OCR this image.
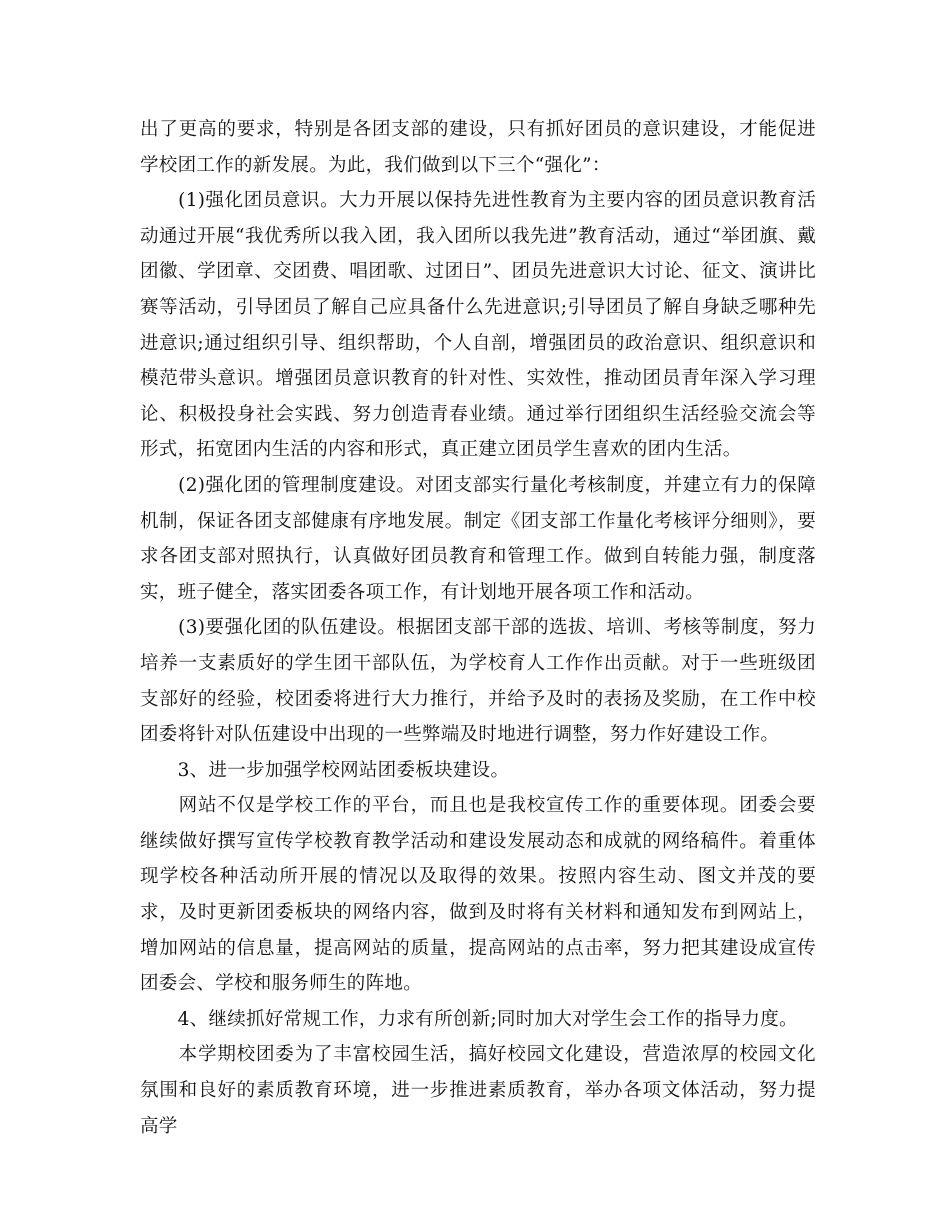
出了更高的要求，特别是各团支部的建设，只有抓好团员的意识建设，才能促进学校团工作的新发展。为此，我们做到以下三个“强化”：

　　(1)强化团员意识。大力开展以保持先进性教育为主要内容的团员意识教育活动通过开展“我优秀所以我入团，我入团所以我先进”教育活动，通过“举团旗、戴团徽、学团章、交团费、唱团歌、过团日”、团员先进意识大讨论、征文、演讲比赛等活动，引导团员了解自己应具备什么先进意识;引导团员了解自身缺乏哪种先进意识;通过组织引导、组织帮助，个人自剖，增强团员的政治意识、组织意识和模范带头意识。增强团员意识教育的针对性、实效性，推动团员青年深入学习理论、积极投身社会实践、努力创造青春业绩。通过举行团组织生活经验交流会等形式，拓宽团内生活的内容和形式，真正建立团员学生喜欢的团内生活。

　　(2)强化团的管理制度建设。对团支部实行量化考核制度，并建立有力的保障机制，保证各团支部健康有序地发展。制定《团支部工作量化考核评分细则》，要求各团支部对照执行，认真做好团员教育和管理工作。做到自转能力强，制度落实，班子健全，落实团委各项工作，有计划地开展各项工作和活动。

　　(3)要强化团的队伍建设。根据团支部干部的选拔、培训、考核等制度，努力培养一支素质好的学生团干部队伍，为学校育人工作作出贡献。对于一些班级团支部好的经验，校团委将进行大力推行，并给予及时的表扬及奖励，在工作中校团委将针对队伍建设中出现的一些弊端及时地进行调整，努力作好建设工作。

　　3、进一步加强学校网站团委板块建设。

　　网站不仅是学校工作的平台，而且也是我校宣传工作的重要体现。团委会要继续做好撰写宣传学校教育教学活动和建设发展动态和成就的网络稿件。着重体现学校各种活动所开展的情况以及取得的效果。按照内容生动、图文并茂的要求，及时更新团委板块的网络内容，做到及时将有关材料和通知发布到网站上，增加网站的信息量，提高网站的质量，提高网站的点击率，努力把其建设成宣传团委会、学校和服务师生的阵地。

　　4、继续抓好常规工作，力求有所创新;同时加大对学生会工作的指导力度。

　　本学期校团委为了丰富校园生活，搞好校园文化建设，营造浓厚的校园文化氛围和良好的素质教育环境，进一步推进素质教育，举办各项文体活动，努力提高学
